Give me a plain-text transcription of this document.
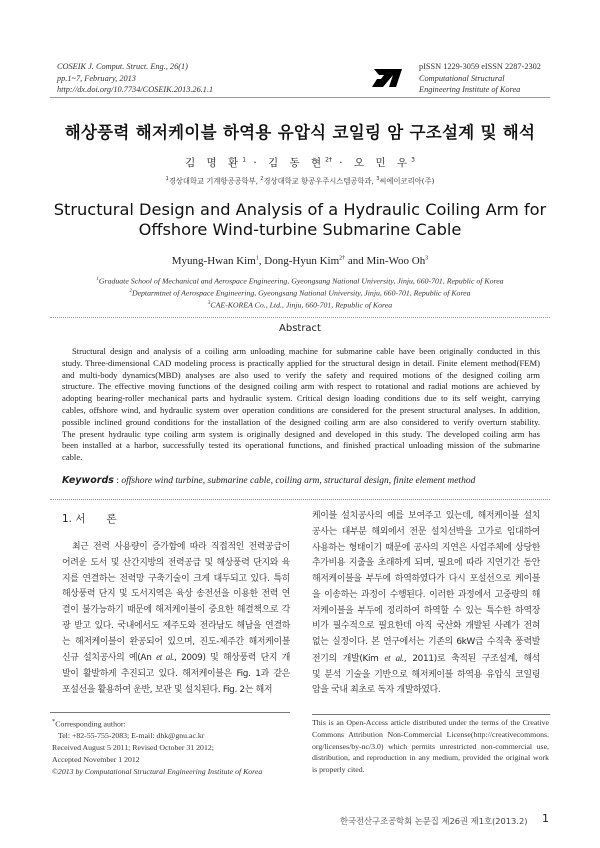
COSEIK J. Comput. Struct. Eng., 26(1)
pp.1~7, February, 2013
http://dx.doi.org/10.7734/COSEIK.2013.26.1.1
pISSN 1229-3059 eISSN 2287-2302
Computational Structural
Engineering Institute of Korea
해상풍력 해저케이블 하역용 유압식 코일링 암 구조설계 및 해석
김 명 환$^1$ · 김 동 현$^{2\dagger}$ · 오 민 우$^3$
$^1$경상대학교 기계항공공학부, $^2$경상대학교 항공우주시스템공학과, $^3$씨에이코리아(주)
Structural Design and Analysis of a Hydraulic Coiling Arm for
Offshore Wind-turbine Submarine Cable
Myung-Hwan Kim$^1$, Dong-Hyun Kim$^{2\dagger}$ and Min-Woo Oh$^3$
$^1$Graduate School of Mechanical and Aerospace Engineering, Gyeongsang National University, Jinju, 660-701, Republic of Korea
$^2$Deptarmtnet of Aerospace Engineering, Gyeongsang National University, Jinju, 660-701, Republic of Korea
$^3$CAE-KOREA Co., Ltd., Jinju, 660-701, Republic of Korea
Abstract
Structural design and analysis of a coiling arm unloading machine for submarine cable have been originally conducted in this
study. Three-dimensional CAD modeling process is practically applied for the structural design in detail. Finite element method(FEM)
and multi-body dynamics(MBD) analyses are also used to verify the safety and required motions of the designed coiling arm
structure. The effective moving functions of the designed coiling arm with respect to rotational and radial motions are achieved by
adopting bearing-roller mechanical parts and hydraulic system. Critical design loading conditions due to its self weight, carrying
cables, offshore wind, and hydraulic system over operation conditions are considered for the present structural analyses. In addition,
possible inclined ground conditions for the installation of the designed coiling arm are also considered to verify overturn stability.
The present hydraulic type coiling arm system is originally designed and developed in this study. The developed coiling arm has
been installed at a harbor, successfully tested its operational functions, and finished practical unloading mission of the submarine
cable.
Keywords : offshore wind turbine, submarine cable, coiling arm, structural design, finite element method
1. 서　　론
최근 전력 사용량이 증가함에 따라 직접적인 전력공급이
어려운 도서 및 산간지방의 전력공급 및 해상풍력 단지와 육
지를 연결하는 전력망 구축기술이 크게 대두되고 있다. 특히
해상풍력 단지 및 도서지역은 육상 송전선을 이용한 전력 연
결이 불가능하기 때문에 해저케이블이 중요한 해결책으로 각
광 받고 있다. 국내에서도 제주도와 전라남도 해남을 연결하
는 해저케이블이 완공되어 있으며, 진도-제주간 해저케이블
신규 설치공사의 예(An et al., 2009) 및 해상풍력 단지 개
발이 활발하게 추진되고 있다. 해저케이블은 Fig. 1과 같은
포설선을 활용하여 운반, 보관 및 설치된다. Fig. 2는 해저
케이블 설치공사의 예를 보여주고 있는데, 해저케이블 설치
공사는 대부분 해외에서 전문 설치선박을 고가로 임대하여
사용하는 형태이기 때문에 공사의 지연은 사업주체에 상당한
추가비용 지출을 초래하게 되며, 필요에 따라 지연기간 동안
해저케이블을 부두에 하역하였다가 다시 포설선으로 케이블
을 이송하는 과정이 수행된다. 이러한 과정에서 고중량의 해
저케이블을 부두에 정리하여 하역할 수 있는 특수한 하역장
비가 필수적으로 필요한데 아직 국산화 개발된 사례가 전혀
없는 실정이다. 본 연구에서는 기존의 6kW급 수직축 풍력발
전기의 개발(Kim et al., 2011)로 축적된 구조설계, 해석
및 분석 기술을 기반으로 해저케이블 하역용 유압식 코일링
암을 국내 최초로 독자 개발하였다.
*Corresponding author:
Tel: +82-55-755-2083; E-mail: dhk@gnu.ac.kr
Received August 5 2011; Revised October 31 2012;
Accepted November 1 2012
©2013 by Computational Structural Engineering Institute of Korea
This is an Open-Access article distributed under the terms of the Creative
Commons Attribution Non-Commercial License(http://creativecommons.
org/licenses/by-nc/3.0) which permits unrestricted non-commercial use,
distribution, and reproduction in any medium, provided the original work
is properly cited.
한국전산구조공학회 논문집 제26권 제1호(2013.2) 1
